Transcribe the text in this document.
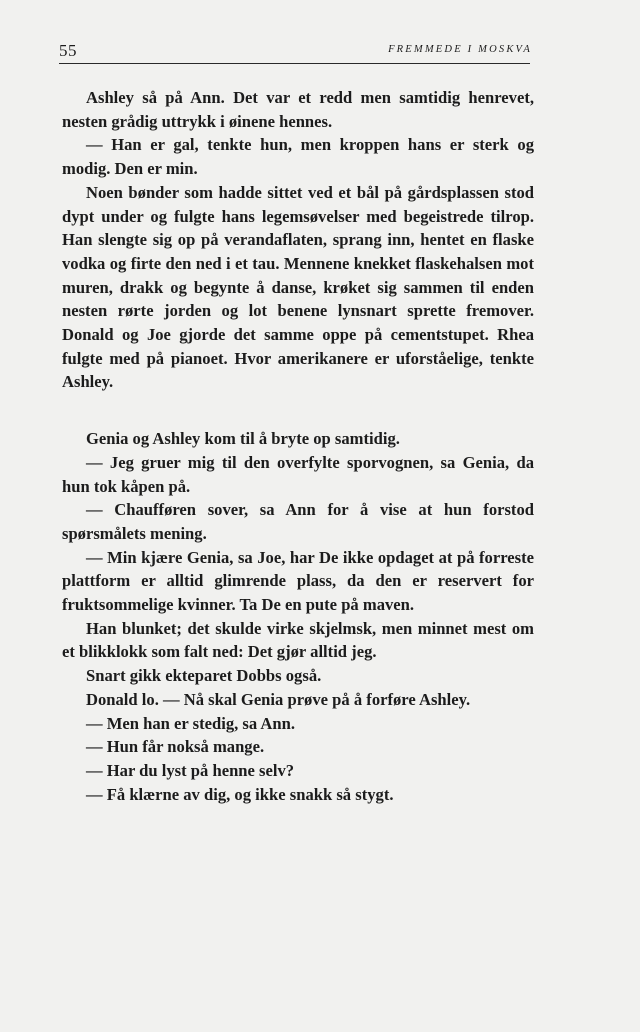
55	FREMMEDE I MOSKVA

Ashley så på Ann. Det var et redd men samtidig henrevet, nesten grådig uttrykk i øinene hennes.

— Han er gal, tenkte hun, men kroppen hans er sterk og modig. Den er min.

Noen bønder som hadde sittet ved et bål på gårdsplassen stod dypt under og fulgte hans legemsøvelser med begeistrede tilrop. Han slengte sig op på verandaflaten, sprang inn, hentet en flaske vodka og firte den ned i et tau. Mennene knekket flaskehalsen mot muren, drakk og begynte å danse, krøket sig sammen til enden nesten rørte jorden og lot benene lynsnart sprette fremover. Donald og Joe gjorde det samme oppe på cementstupet. Rhea fulgte med på pianoet. Hvor amerikanere er uforståelige, tenkte Ashley.

Genia og Ashley kom til å bryte op samtidig.

— Jeg gruer mig til den overfylte sporvognen, sa Genia, da hun tok kåpen på.

— Chaufføren sover, sa Ann for å vise at hun forstod spørsmålets mening.

— Min kjære Genia, sa Joe, har De ikke opdaget at på forreste plattform er alltid glimrende plass, da den er reservert for fruktsommelige kvinner. Ta De en pute på maven.

Han blunket; det skulde virke skjelmsk, men minnet mest om et blikklokk som falt ned: Det gjør alltid jeg.

Snart gikk ekteparet Dobbs også.

Donald lo. — Nå skal Genia prøve på å forføre Ashley.

— Men han er stedig, sa Ann.

— Hun får nokså mange.

— Har du lyst på henne selv?

— Få klærne av dig, og ikke snakk så stygt.
